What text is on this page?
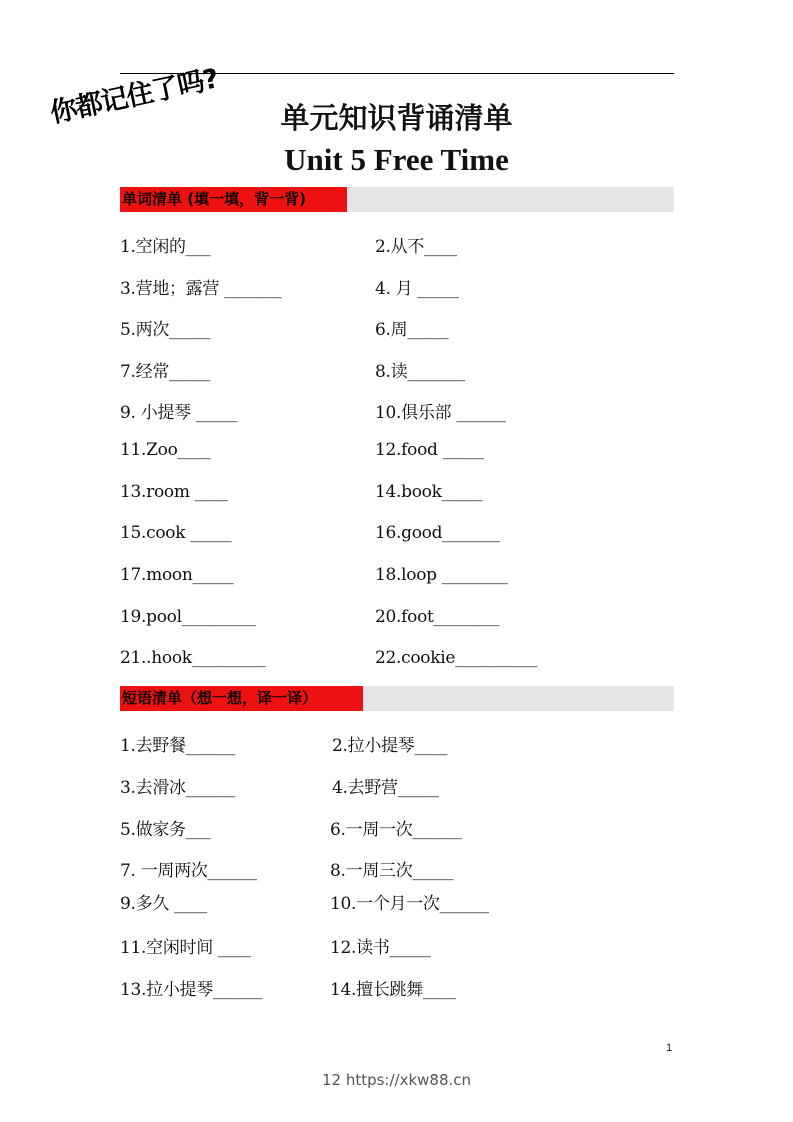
你都记住了吗?	单元知识背诵清单
Unit 5 Free Time
单词清单 (填一填，背一背)
1.空闲的___	2.从不____
3.营地；露营 _______	4. 月 _____
5.两次_____	6.周_____
7.经常_____	8.读_______
9. 小提琴 _____	10.俱乐部 ______
11.Zoo____	12.food _____
13.room ____	14.book_____
15.cook _____	16.good_______
17.moon_____	18.loop ________
19.pool_________	20.foot________
21..hook_________	22.cookie__________
短语清单（想一想，译一译）
1.去野餐______	2.拉小提琴____
3.去滑冰______	4.去野营_____
5.做家务___	6.一周一次______
7. 一周两次______	8.一周三次_____
9.多久 ____	10.一个月一次______
11.空闲时间 ____	12.读书_____
13.拉小提琴______	14.擅长跳舞____
1
12 https://xkw88.cn
